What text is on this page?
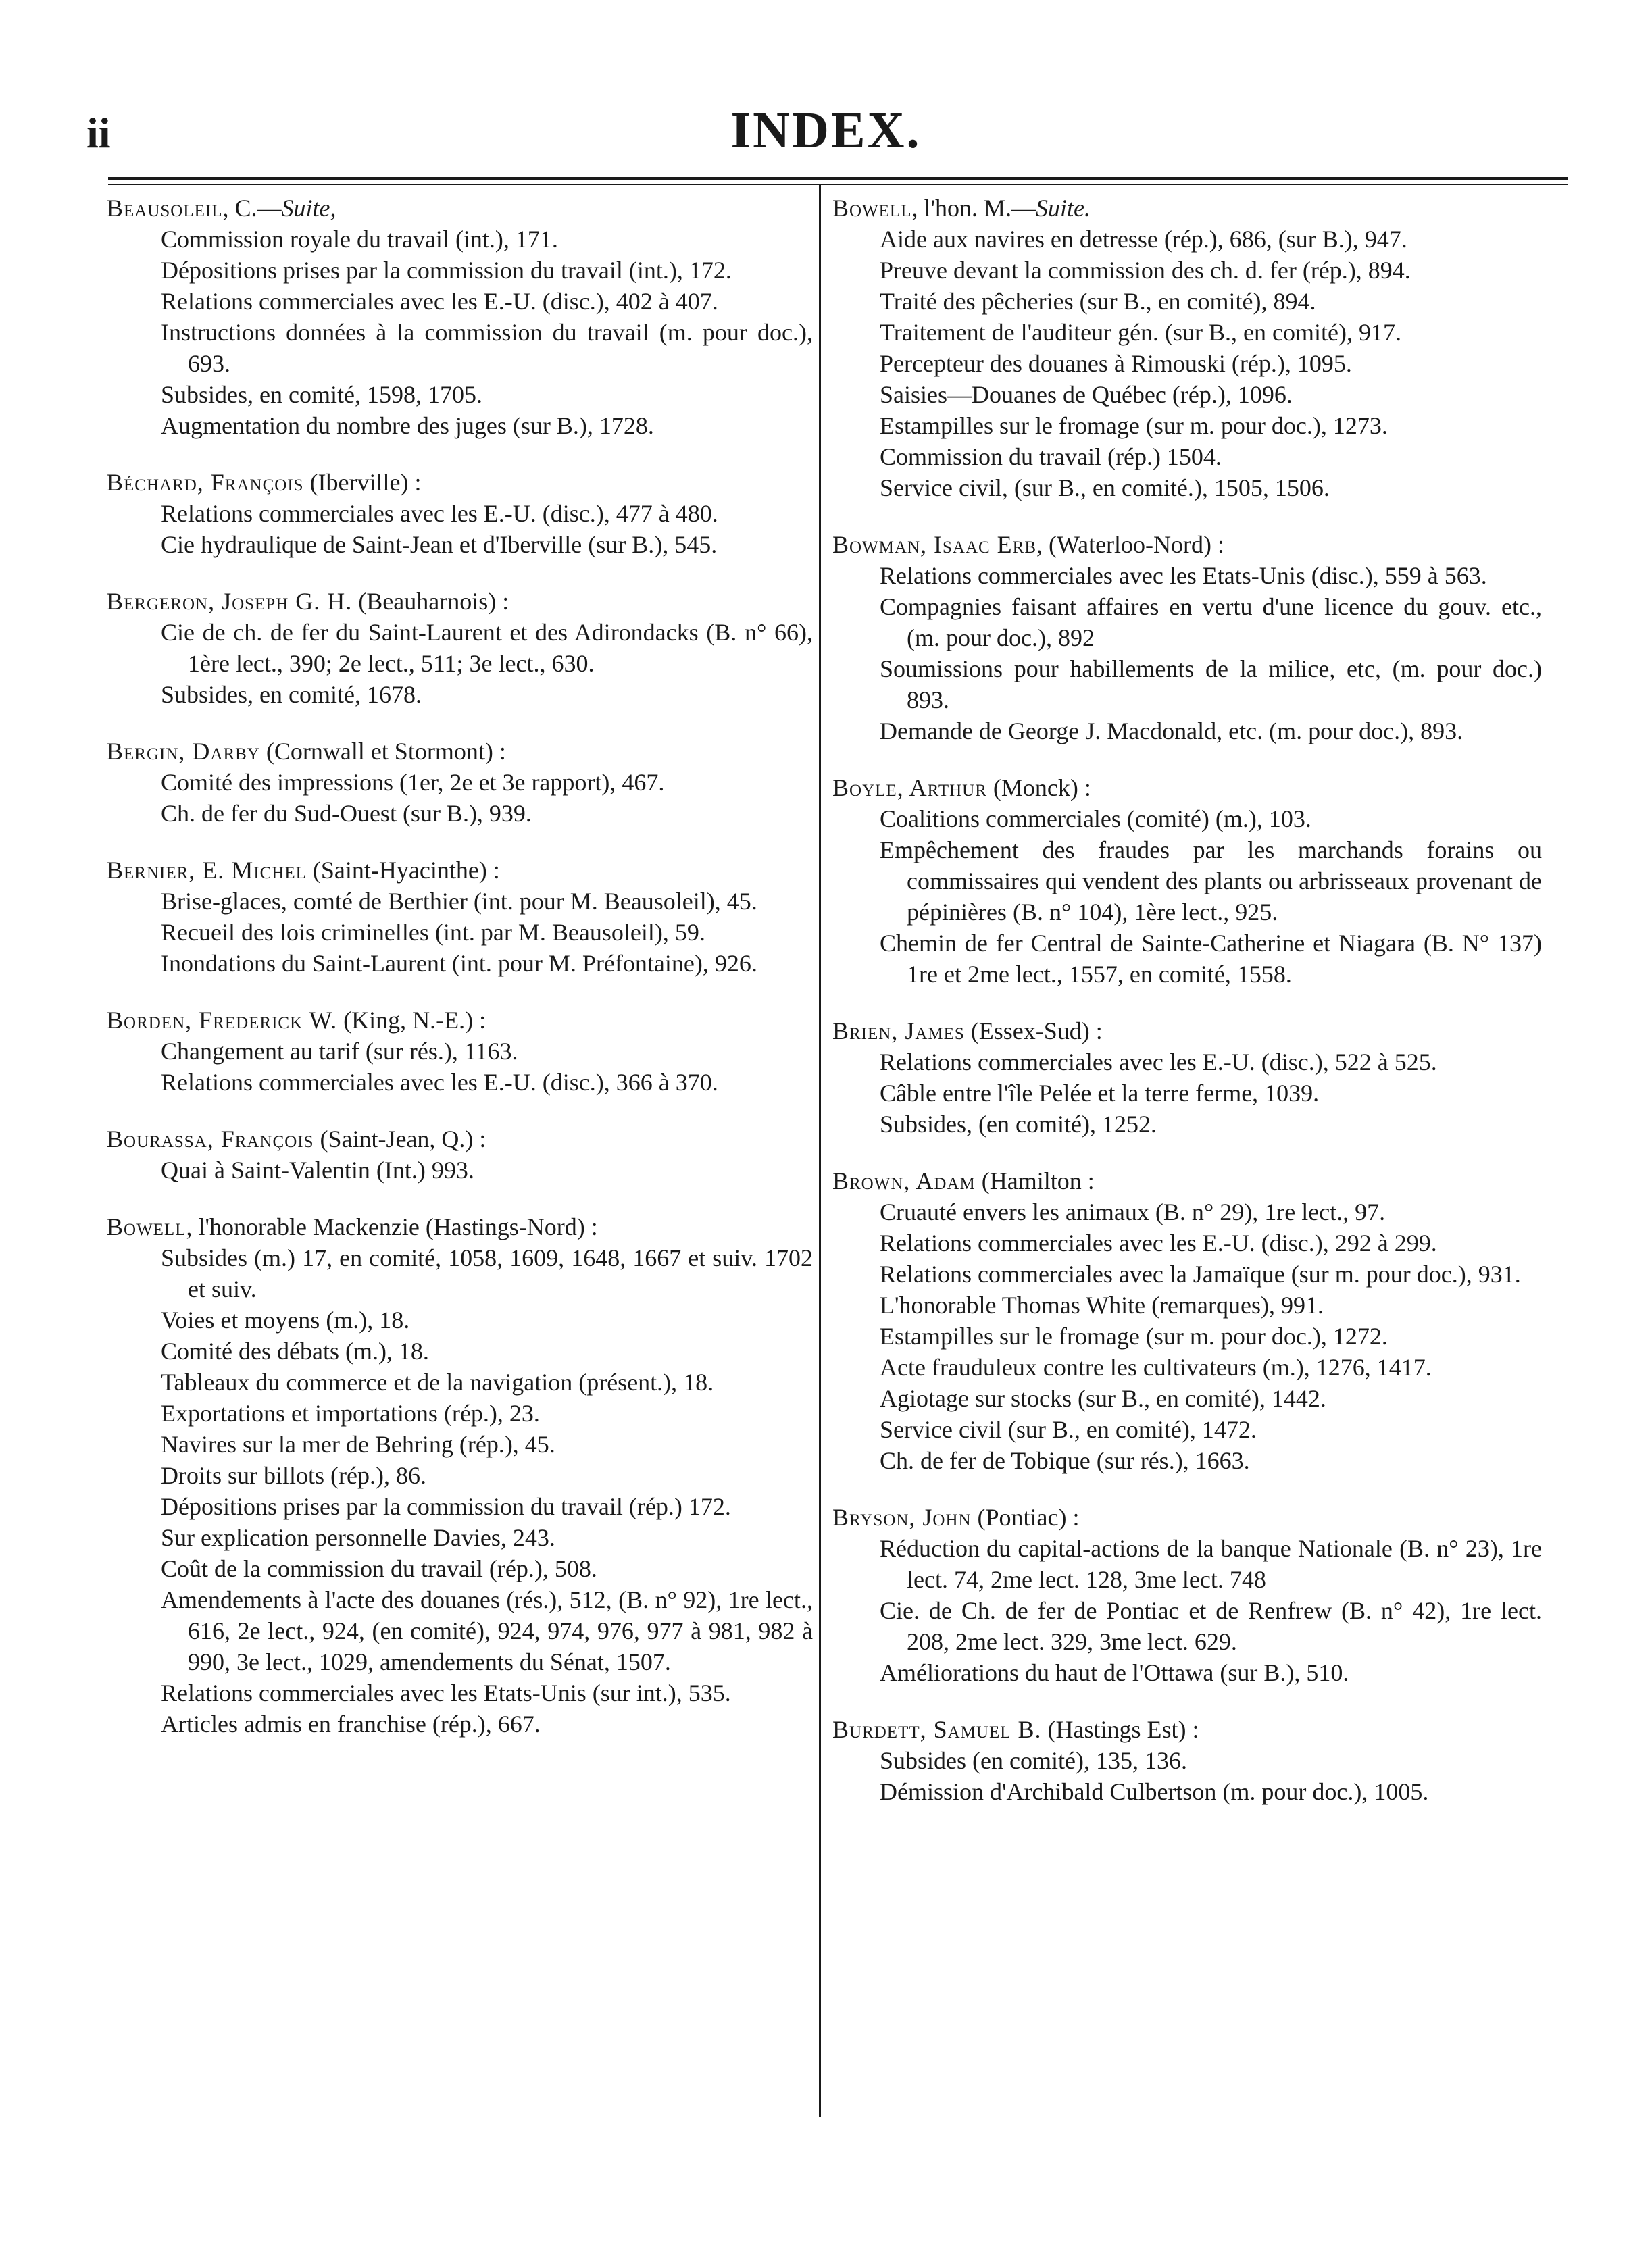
ii	INDEX.
Beausoleil, C.—Suite,
Commission royale du travail (int.), 171.
Dépositions prises par la commission du travail (int.), 172.
Relations commerciales avec les E.-U. (disc.), 402 à 407.
Instructions données à la commission du travail (m. pour doc.), 693.
Subsides, en comité, 1598, 1705.
Augmentation du nombre des juges (sur B.), 1728.
Béchard, François (Iberville) :
Relations commerciales avec les E.-U. (disc.), 477 à 480.
Cie hydraulique de Saint-Jean et d'Iberville (sur B.), 545.
Bergeron, Joseph G. H. (Beauharnois) :
Cie de ch. de fer du Saint-Laurent et des Adirondacks (B. n° 66), 1ère lect., 390; 2e lect., 511; 3e lect., 630.
Subsides, en comité, 1678.
Bergin, Darby (Cornwall et Stormont) :
Comité des impressions (1er, 2e et 3e rapport), 467.
Ch. de fer du Sud-Ouest (sur B.), 939.
Bernier, E. Michel (Saint-Hyacinthe) :
Brise-glaces, comté de Berthier (int. pour M. Beausoleil), 45.
Recueil des lois criminelles (int. par M. Beausoleil), 59.
Inondations du Saint-Laurent (int. pour M. Préfontaine), 926.
Borden, Frederick W. (King, N.-E.) :
Changement au tarif (sur rés.), 1163.
Relations commerciales avec les E.-U. (disc.), 366 à 370.
Bourassa, François (Saint-Jean, Q.) :
Quai à Saint-Valentin (Int.) 993.
Bowell, l'honorable Mackenzie (Hastings-Nord) :
Subsides (m.) 17, en comité, 1058, 1609, 1648, 1667 et suiv. 1702 et suiv.
Voies et moyens (m.), 18.
Comité des débats (m.), 18.
Tableaux du commerce et de la navigation (présent.), 18.
Exportations et importations (rép.), 23.
Navires sur la mer de Behring (rép.), 45.
Droits sur billots (rép.), 86.
Dépositions prises par la commission du travail (rép.) 172.
Sur explication personnelle Davies, 243.
Coût de la commission du travail (rép.), 508.
Amendements à l'acte des douanes (rés.), 512, (B. n° 92), 1re lect., 616, 2e lect., 924, (en comité), 924, 974, 976, 977 à 981, 982 à 990, 3e lect., 1029, amendements du Sénat, 1507.
Relations commerciales avec les Etats-Unis (sur int.), 535.
Articles admis en franchise (rép.), 667.
Bowell, l'hon. M.—Suite.
Aide aux navires en detresse (rép.), 686, (sur B.), 947.
Preuve devant la commission des ch. d. fer (rép.), 894.
Traité des pêcheries (sur B., en comité), 894.
Traitement de l'auditeur gén. (sur B., en comité), 917.
Percepteur des douanes à Rimouski (rép.), 1095.
Saisies—Douanes de Québec (rép.), 1096.
Estampilles sur le fromage (sur m. pour doc.), 1273.
Commission du travail (rép.) 1504.
Service civil, (sur B., en comité.), 1505, 1506.
Bowman, Isaac Erb, (Waterloo-Nord) :
Relations commerciales avec les Etats-Unis (disc.), 559 à 563.
Compagnies faisant affaires en vertu d'une licence du gouv. etc., (m. pour doc.), 892
Soumissions pour habillements de la milice, etc, (m. pour doc.) 893.
Demande de George J. Macdonald, etc. (m. pour doc.), 893.
Boyle, Arthur (Monck) :
Coalitions commerciales (comité) (m.), 103.
Empêchement des fraudes par les marchands forains ou commissaires qui vendent des plants ou arbrisseaux provenant de pépinières (B. n° 104), 1ère lect., 925.
Chemin de fer Central de Sainte-Catherine et Niagara (B. N° 137) 1re et 2me lect., 1557, en comité, 1558.
Brien, James (Essex-Sud) :
Relations commerciales avec les E.-U. (disc.), 522 à 525.
Câble entre l'île Pelée et la terre ferme, 1039.
Subsides, (en comité), 1252.
Brown, Adam (Hamilton :
Cruauté envers les animaux (B. n° 29), 1re lect., 97.
Relations commerciales avec les E.-U. (disc.), 292 à 299.
Relations commerciales avec la Jamaïque (sur m. pour doc.), 931.
L'honorable Thomas White (remarques), 991.
Estampilles sur le fromage (sur m. pour doc.), 1272.
Acte frauduleux contre les cultivateurs (m.), 1276, 1417.
Agiotage sur stocks (sur B., en comité), 1442.
Service civil (sur B., en comité), 1472.
Ch. de fer de Tobique (sur rés.), 1663.
Bryson, John (Pontiac) :
Réduction du capital-actions de la banque Nationale (B. n° 23), 1re lect. 74, 2me lect. 128, 3me lect. 748
Cie. de Ch. de fer de Pontiac et de Renfrew (B. n° 42), 1re lect. 208, 2me lect. 329, 3me lect. 629.
Améliorations du haut de l'Ottawa (sur B.), 510.
Burdett, Samuel B. (Hastings Est) :
Subsides (en comité), 135, 136.
Démission d'Archibald Culbertson (m. pour doc.), 1005.
